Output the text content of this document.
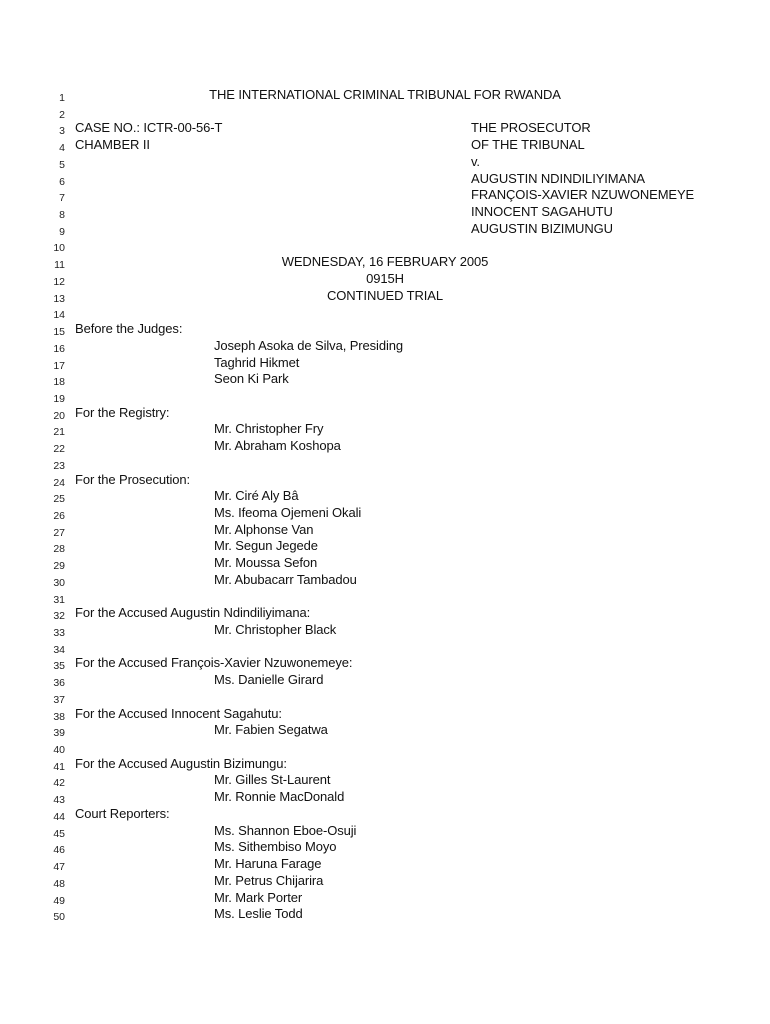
1	THE INTERNATIONAL CRIMINAL TRIBUNAL FOR RWANDA
2
3 CASE NO.: ICTR-00-56-T	THE PROSECUTOR
4 CHAMBER II	OF THE TRIBUNAL
5	v.
6	AUGUSTIN NDINDILIYIMANA
7	FRANÇOIS-XAVIER NZUWONEMEYE
8	INNOCENT SAGAHUTU
9	AUGUSTIN BIZIMUNGU
10
11	WEDNESDAY, 16 FEBRUARY 2005
12	0915H
13	CONTINUED TRIAL
14
15 Before the Judges:
16	Joseph Asoka de Silva, Presiding
17	Taghrid Hikmet
18	Seon Ki Park
19
20 For the Registry:
21	Mr. Christopher Fry
22	Mr. Abraham Koshopa
23
24 For the Prosecution:
25	Mr. Ciré Aly Bâ
26	Ms. Ifeoma Ojemeni Okali
27	Mr. Alphonse Van
28	Mr. Segun Jegede
29	Mr. Moussa Sefon
30	Mr. Abubacarr Tambadou
31
32 For the Accused Augustin Ndindiliyimana:
33	Mr. Christopher Black
34
35 For the Accused François-Xavier Nzuwonemeye:
36	Ms. Danielle Girard
37
38 For the Accused Innocent Sagahutu:
39	Mr. Fabien Segatwa
40
41 For the Accused Augustin Bizimungu:
42	Mr. Gilles St-Laurent
43	Mr. Ronnie MacDonald
44 Court Reporters:
45	Ms. Shannon Eboe-Osuji
46	Ms. Sithembiso Moyo
47	Mr. Haruna Farage
48	Mr. Petrus Chijarira
49	Mr. Mark Porter
50	Ms. Leslie Todd
